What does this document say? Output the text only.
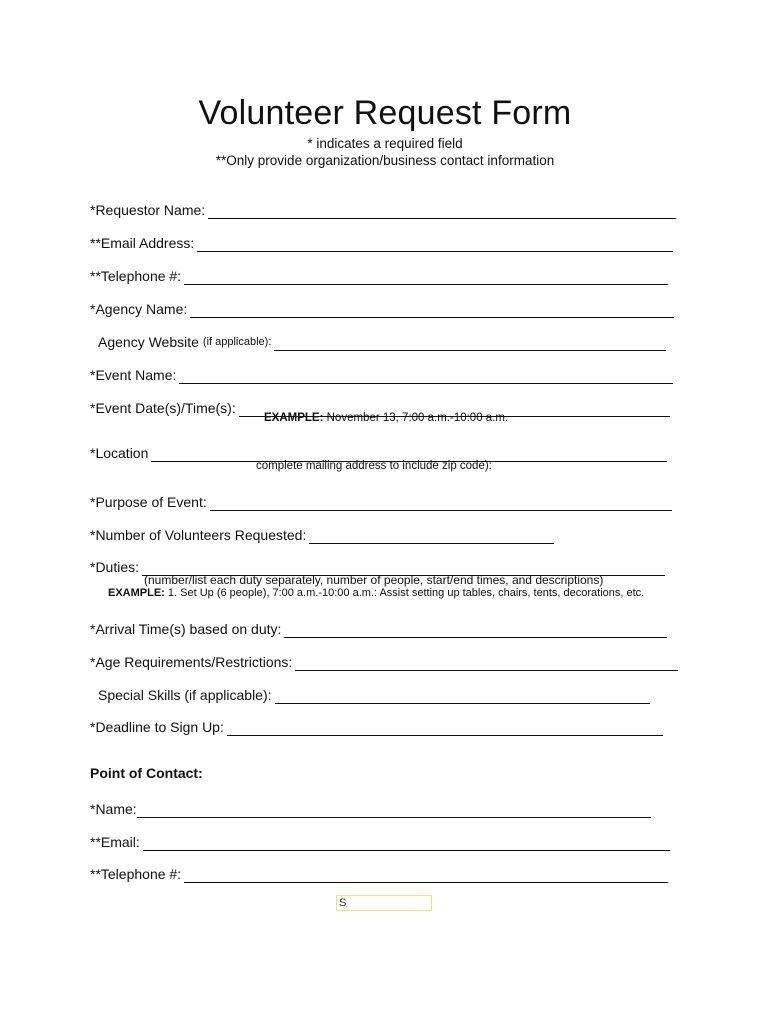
Volunteer Request Form
* indicates a required field
**Only provide organization/business contact information
*Requestor Name:
**Email Address:
**Telephone #:
*Agency Name:
Agency Website (if applicable):
*Event Name:
*Event Date(s)/Time(s):
EXAMPLE: November 13, 7:00 a.m.-10:00 a.m.
*Location
complete mailing address to include zip code):
*Purpose of Event:
*Number of Volunteers Requested:
*Duties:
(number/list each duty separately, number of people, start/end times, and descriptions)
EXAMPLE: 1. Set Up (6 people), 7:00 a.m.-10:00 a.m.: Assist setting up tables, chairs, tents, decorations, etc.
*Arrival Time(s) based on duty:
*Age Requirements/Restrictions:
Special Skills (if applicable):
*Deadline to Sign Up:
Point of Contact:
*Name:
**Email:
**Telephone #:
S
